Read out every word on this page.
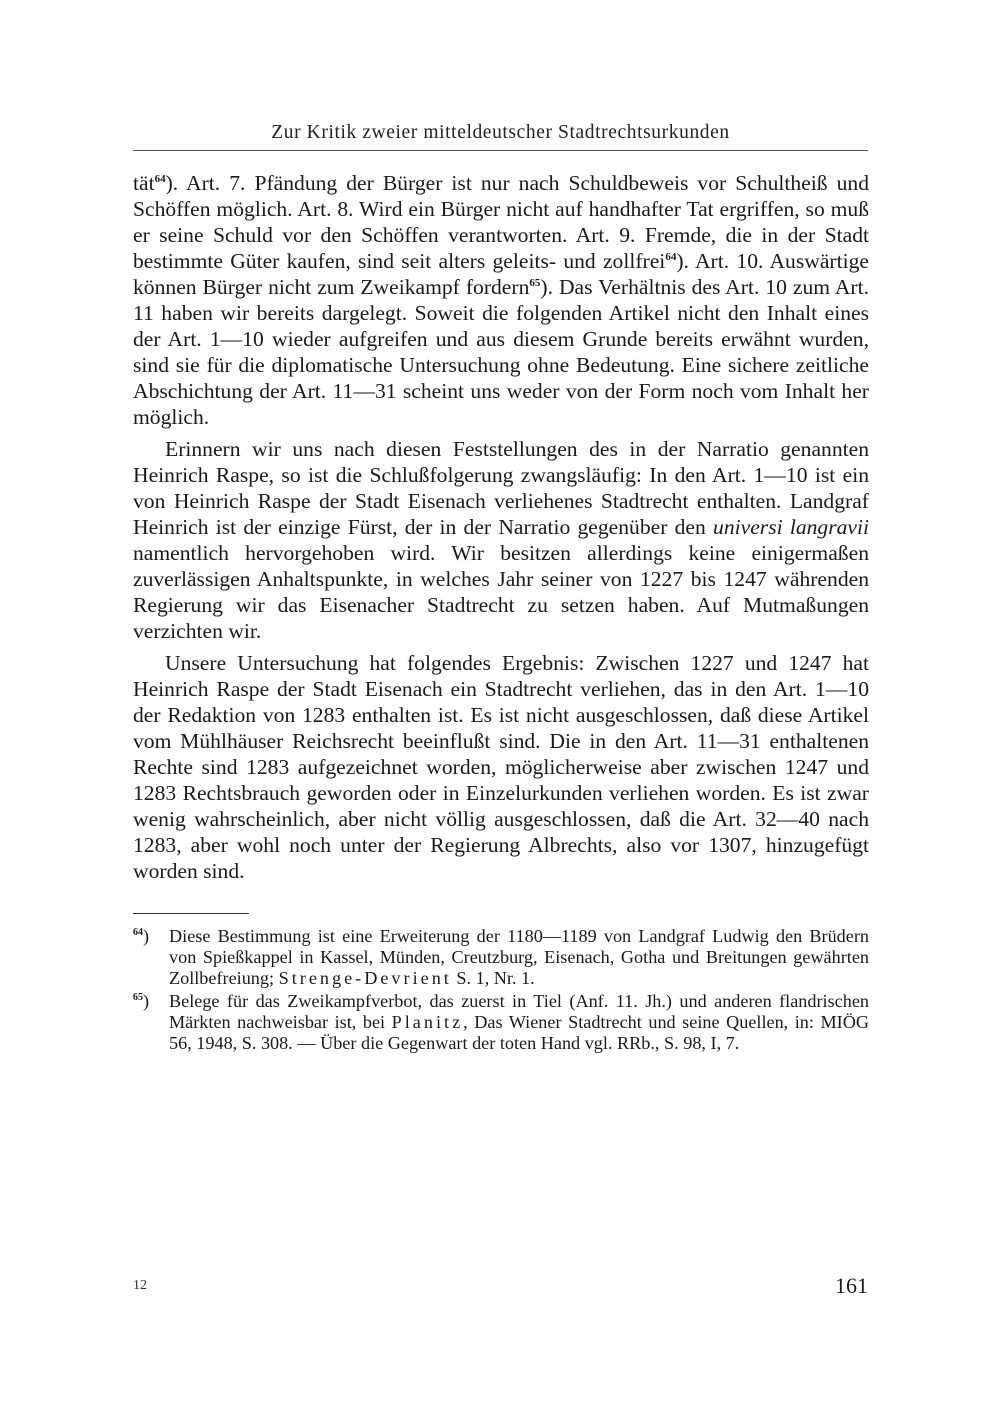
Zur Kritik zweier mitteldeutscher Stadtrechtsurkunden

tät$^{64}$). Art. 7. Pfändung der Bürger ist nur nach Schuldbeweis vor Schultheiß und Schöffen möglich. Art. 8. Wird ein Bürger nicht auf handhafter Tat ergriffen, so muß er seine Schuld vor den Schöffen verantworten. Art. 9. Fremde, die in der Stadt bestimmte Güter kaufen, sind seit alters geleits- und zollfrei$^{64}$). Art. 10. Auswärtige können Bürger nicht zum Zweikampf fordern$^{65}$). Das Verhältnis des Art. 10 zum Art. 11 haben wir bereits dargelegt. Soweit die folgenden Artikel nicht den Inhalt eines der Art. 1—10 wieder aufgreifen und aus diesem Grunde bereits erwähnt wurden, sind sie für die diplomatische Untersuchung ohne Bedeutung. Eine sichere zeitliche Abschichtung der Art. 11—31 scheint uns weder von der Form noch vom Inhalt her möglich.

Erinnern wir uns nach diesen Feststellungen des in der Narratio genannten Heinrich Raspe, so ist die Schlußfolgerung zwangsläufig: In den Art. 1—10 ist ein von Heinrich Raspe der Stadt Eisenach verliehenes Stadtrecht enthalten. Landgraf Heinrich ist der einzige Fürst, der in der Narratio gegenüber den universi langravii namentlich hervorgehoben wird. Wir besitzen allerdings keine einigermaßen zuverlässigen Anhaltspunkte, in welches Jahr seiner von 1227 bis 1247 währenden Regierung wir das Eisenacher Stadtrecht zu setzen haben. Auf Mutmaßungen verzichten wir.

Unsere Untersuchung hat folgendes Ergebnis: Zwischen 1227 und 1247 hat Heinrich Raspe der Stadt Eisenach ein Stadtrecht verliehen, das in den Art. 1—10 der Redaktion von 1283 enthalten ist. Es ist nicht ausgeschlossen, daß diese Artikel vom Mühlhäuser Reichsrecht beeinflußt sind. Die in den Art. 11—31 enthaltenen Rechte sind 1283 aufgezeichnet worden, möglicherweise aber zwischen 1247 und 1283 Rechtsbrauch geworden oder in Einzelurkunden verliehen worden. Es ist zwar wenig wahrscheinlich, aber nicht völlig ausgeschlossen, daß die Art. 32—40 nach 1283, aber wohl noch unter der Regierung Albrechts, also vor 1307, hinzugefügt worden sind.

$^{64}$) Diese Bestimmung ist eine Erweiterung der 1180—1189 von Landgraf Ludwig den Brüdern von Spießkappel in Kassel, Münden, Creutzburg, Eisenach, Gotha und Breitungen gewährten Zollbefreiung; Strenge-Devrient S. 1, Nr. 1.
$^{65}$) Belege für das Zweikampfverbot, das zuerst in Tiel (Anf. 11. Jh.) und anderen flandrischen Märkten nachweisbar ist, bei Planitz, Das Wiener Stadtrecht und seine Quellen, in: MIÖG 56, 1948, S. 308. — Über die Gegenwart der toten Hand vgl. RRb., S. 98, I, 7.
12	161
